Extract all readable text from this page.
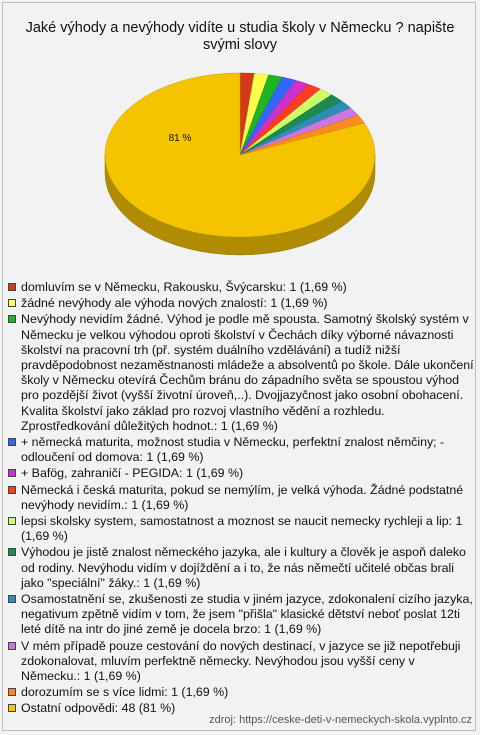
Jaké výhody a nevýhody vidíte u studia školy v Německu ? napište svými slovy
81 %
domluvím se v Německu, Rakousku, Švýcarsku: 1 (1,69 %)
žádné nevýhody ale výhoda nových znalostí: 1 (1,69 %)
Nevýhody nevidím žádné. Výhod je podle mě spousta. Samotný školský systém v Německu je velkou výhodou oproti školství v Čechách díky výborné návaznosti školství na pracovní trh (př. systém duálního vzdělávání) a tudíž nižší pravděpodobnost nezaměstnanosti mládeže a absolventů po škole. Dále ukončení školy v Německu otevírá Čechům bránu do západního světa se spoustou výhod pro pozdější život (vyšší životní úroveň,..). Dvojjazyčnost jako osobní obohacení. Kvalita školství jako základ pro rozvoj vlastního vědění a rozhledu. Zprostředkování důležitých hodnot.: 1 (1,69 %)
+ německá maturita, možnost studia v Německu, perfektní znalost němčiny; - odloučení od domova: 1 (1,69 %)
+ Bafög, zahraničí - PEGIDA: 1 (1,69 %)
Německá i česká maturita, pokud se nemýlím, je velká výhoda. Žádné podstatné nevýhody nevidím.: 1 (1,69 %)
lepsi skolsky system, samostatnost a moznost se naucit nemecky rychleji a lip: 1 (1,69 %)
Výhodou je jistě znalost německého jazyka, ale i kultury a člověk je aspoň daleko od rodiny. Nevýhodu vidím v dojíždění a i to, že nás němečtí učitelé občas brali jako "speciální" žáky.: 1 (1,69 %)
Osamostatnění se, zkušenosti ze studia v jiném jazyce, zdokonalení cizího jazyka, negativum zpětně vidím v tom, že jsem "přišla" klasické dětství neboť poslat 12ti leté dítě na intr do jiné země je docela brzo: 1 (1,69 %)
V mém případě pouze cestování do nových destinací, v jazyce se již nepotřebuji zdokonalovat, mluvím perfektně německy. Nevýhodou jsou vyšší ceny v Německu.: 1 (1,69 %)
dorozumím se s více lidmi: 1 (1,69 %)
Ostatní odpovědi: 48 (81 %)
zdroj: https://ceske-deti-v-nemeckych-skola.vyplnto.cz
